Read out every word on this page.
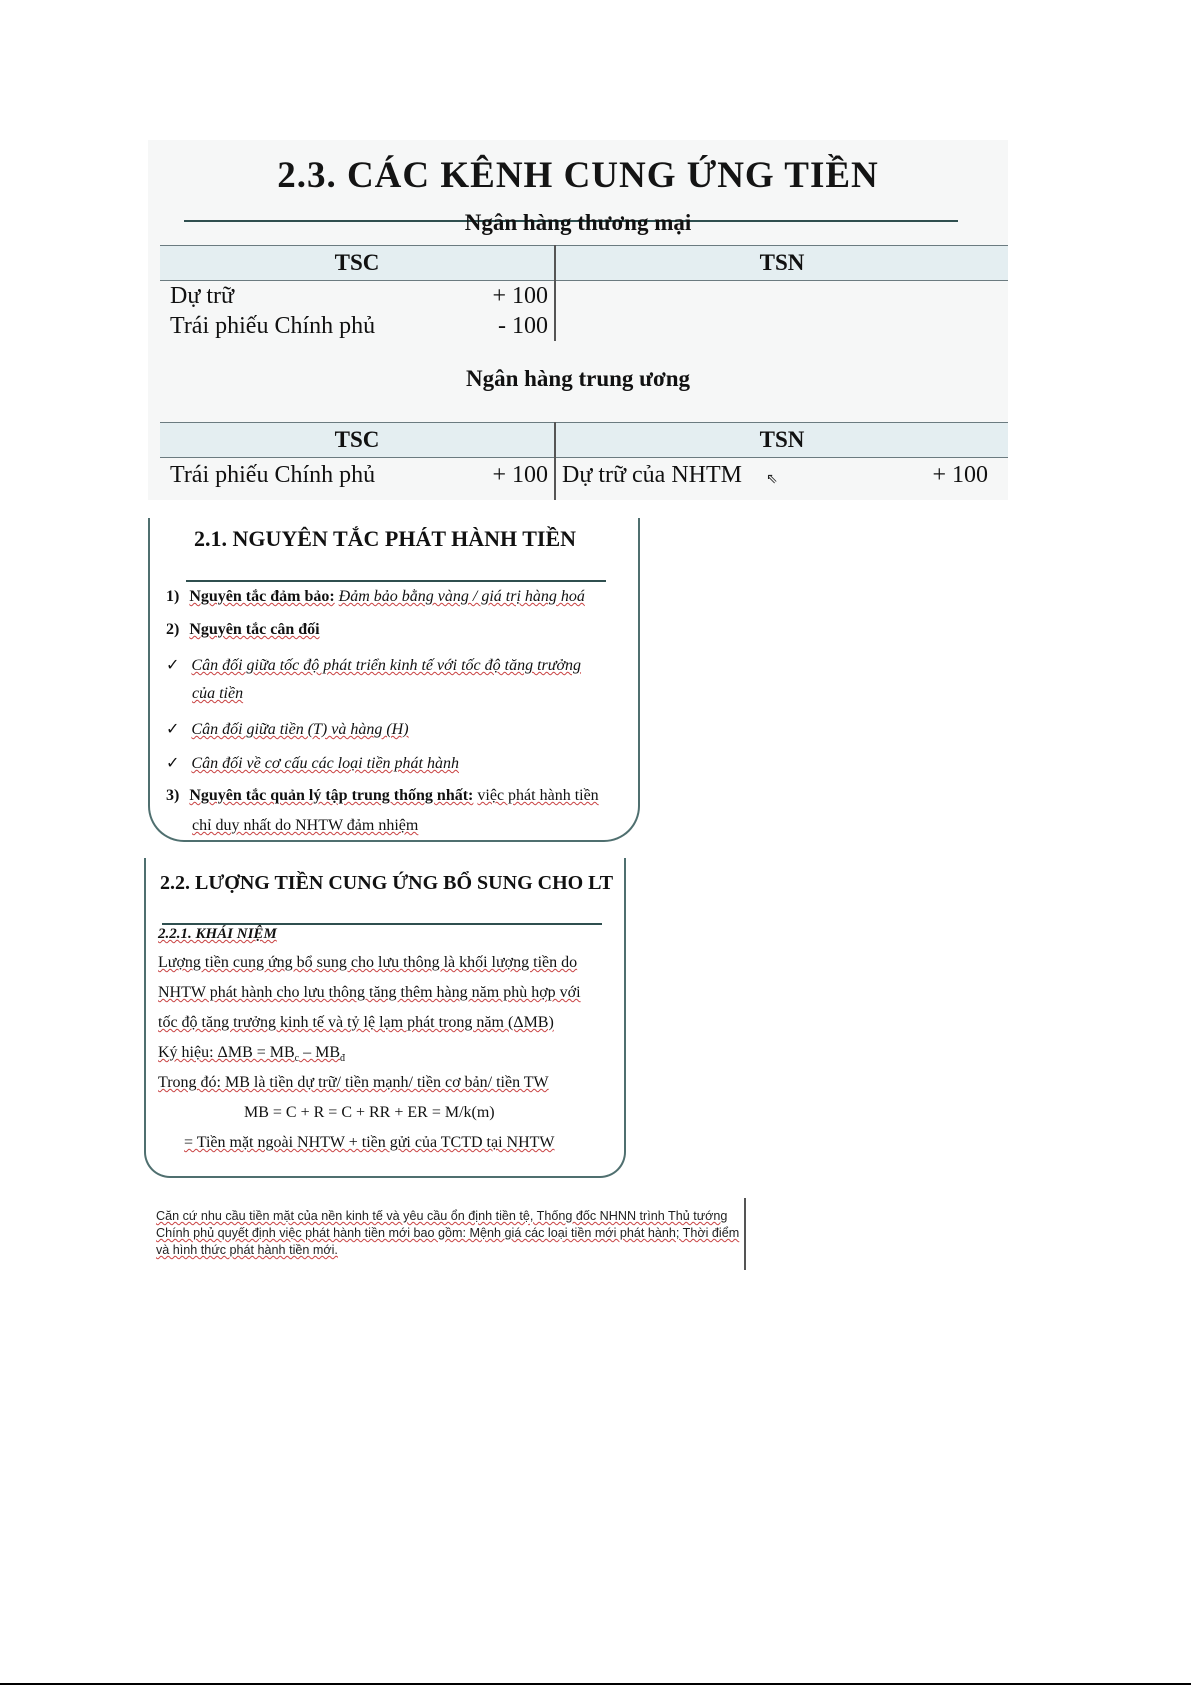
2.3. CÁC KÊNH CUNG ỨNG TIỀN
Ngân hàng thương mại
TSC	TSN
Dự trữ	+ 100
Trái phiếu Chính phủ	- 100
Ngân hàng trung ương
TSC	TSN
Trái phiếu Chính phủ	+ 100 Dự trữ của NHTM	+ 100
⇖
2.1. NGUYÊN TẮC PHÁT HÀNH TIỀN
1) Nguyên tắc đảm bảo: Đảm bảo bằng vàng / giá trị hàng hoá
2) Nguyên tắc cân đối
✓ Cân đối giữa tốc độ phát triển kinh tế với tốc độ tăng trưởng
của tiền
✓ Cân đối giữa tiền (T) và hàng (H)
✓ Cân đối về cơ cấu các loại tiền phát hành
3) Nguyên tắc quản lý tập trung thống nhất: việc phát hành tiền
chỉ duy nhất do NHTW đảm nhiệm
2.2. LƯỢNG TIỀN CUNG ỨNG BỔ SUNG CHO LT
2.2.1. KHÁI NIỆM
Lượng tiền cung ứng bổ sung cho lưu thông là khối lượng tiền do
NHTW phát hành cho lưu thông tăng thêm hàng năm phù hợp với
tốc độ tăng trưởng kinh tế và tỷ lệ lạm phát trong năm (ΔMB)
Ký hiệu: $\Delta MB = MB_c - MB_đ$
Trong đó: MB là tiền dự trữ/ tiền mạnh/ tiền cơ bản/ tiền TW
MB = C + R = C + RR + ER = M/k(m)
= Tiền mặt ngoài NHTW + tiền gửi của TCTD tại NHTW
Căn cứ nhu cầu tiền mặt của nền kinh tế và yêu cầu ổn định tiền tệ, Thống đốc NHNN trình Thủ tướng Chính phủ quyết định việc phát hành tiền mới bao gồm: Mệnh giá các loại tiền mới phát hành; Thời điểm và hình thức phát hành tiền mới.
